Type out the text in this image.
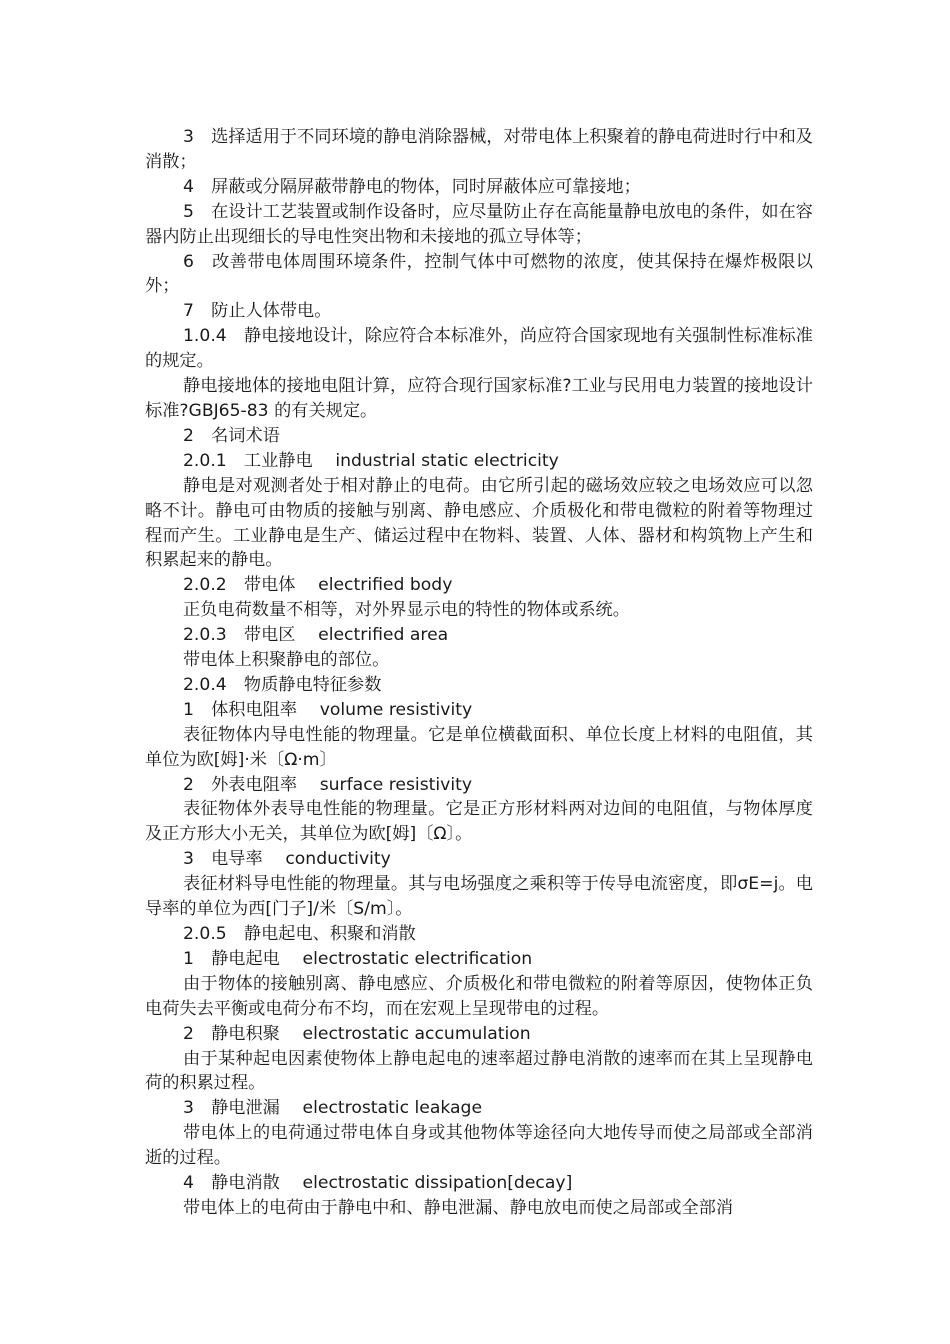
3　选择适用于不同环境的静电消除器械，对带电体上积聚着的静电荷进时行中和及消散；

4　屏蔽或分隔屏蔽带静电的物体，同时屏蔽体应可靠接地；

5　在设计工艺装置或制作设备时，应尽量防止存在高能量静电放电的条件，如在容器内防止出现细长的导电性突出物和未接地的孤立导体等；

6　改善带电体周围环境条件，控制气体中可燃物的浓度，使其保持在爆炸极限以外；

7　防止人体带电。

1.0.4　静电接地设计，除应符合本标准外，尚应符合国家现地有关强制性标准标准的规定。

静电接地体的接地电阻计算，应符合现行国家标准?工业与民用电力装置的接地设计标准?GBJ65-83 的有关规定。

2　名词术语

2.0.1　工业静电　 industrial static electricity

静电是对观测者处于相对静止的电荷。由它所引起的磁场效应较之电场效应可以忽略不计。静电可由物质的接触与别离、静电感应、介质极化和带电微粒的附着等物理过程而产生。工业静电是生产、储运过程中在物料、装置、人体、器材和构筑物上产生和积累起来的静电。

2.0.2　带电体　 electrified body

正负电荷数量不相等，对外界显示电的特性的物体或系统。

2.0.3　带电区　 electrified area

带电体上积聚静电的部位。

2.0.4　物质静电特征参数

1　体积电阻率　 volume resistivity

表征物体内导电性能的物理量。它是单位横截面积、单位长度上材料的电阻值，其单位为欧[姆]·米〔Ω·m〕

2　外表电阻率　 surface resistivity

表征物体外表导电性能的物理量。它是正方形材料两对边间的电阻值，与物体厚度及正方形大小无关，其单位为欧[姆]〔Ω〕。

3　电导率　 conductivity

表征材料导电性能的物理量。其与电场强度之乘积等于传导电流密度，即σE=j。电导率的单位为西[门子]/米〔S/m〕。

2.0.5　静电起电、积聚和消散

1　静电起电　 electrostatic electrification

由于物体的接触别离、静电感应、介质极化和带电微粒的附着等原因，使物体正负电荷失去平衡或电荷分布不均，而在宏观上呈现带电的过程。

2　静电积聚　 electrostatic accumulation

由于某种起电因素使物体上静电起电的速率超过静电消散的速率而在其上呈现静电荷的积累过程。

3　静电泄漏　 electrostatic leakage

带电体上的电荷通过带电体自身或其他物体等途径向大地传导而使之局部或全部消逝的过程。

4　静电消散　 electrostatic dissipation[decay]

带电体上的电荷由于静电中和、静电泄漏、静电放电而使之局部或全部消
